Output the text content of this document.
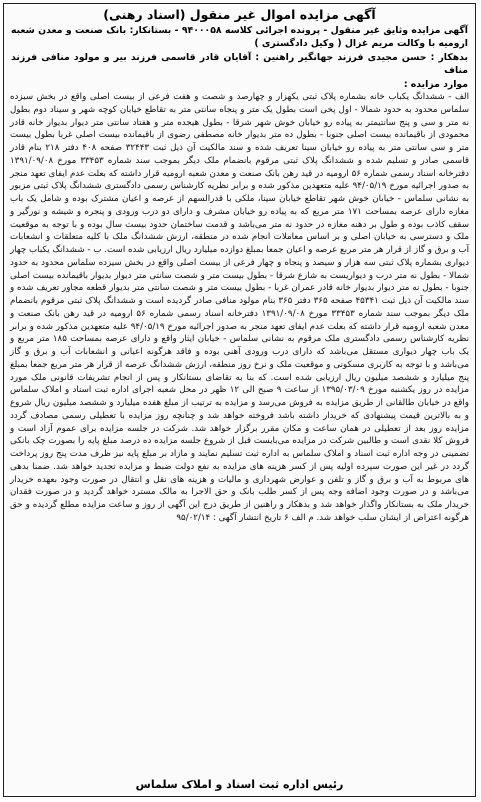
آگهی مزایده اموال غیر منقول (اسناد رهنی)
آگهی مزایده وثایق غیر منقول - پرونده اجرائی کلاسه ۹۴۰۰۰۵۸ - بستانکار: بانک صنعت و معدن شعبه ارومیه با وکالت مریم غزال ( وکیل دادگستری )
بدهکار : حسن مجیدی فرزند جهانگیر راهنین : آقایان قادر قاسمی فرزند بیر و مولود منافی فرزند مناف
موارد مزایده :
الف - ششدانگ یکباب خانه بشماره پلاک ثبتی یکهزار و چهارصد و شصت و هفت فرعی از بیست اصلی واقع در بخش سیزده سلماس محدود به حدود شمالا - اول پخی است بطول یک متر و پنجاه سانتی متر به تقاطع خیابان کوچه شهر و سیناد دوم بطول نه متر و سی و پنج سانتیمتر به پیاده رو خیابان خوش شهر شرقا - بطول هیجده متر و هفتاد سانتی متر دیوار بدیوار خانه قادر محمودی از باقیمانده بیست اصلی جنوبا - بطول ده متر بدیوار خانه مصطفی رضوی از باقیمانده بیست اصلی غربا بطول بیست متر و سی سانتی متر به پیاده رو خیابان سینا تعریف شده و سند مالکیت آن ذیل ثبت ۳۲۴۴۳ صفحه ۴۰۸ دفتر ۲۱۸ بنام قادر قاسمی صادر و تسلیم شده و ششدانگ پلاک ثبتی مرقوم بانضمام ملک دیگر بموجب سند شماره ۳۳۴۵۳ مورخ ۱۳۹۱/۰۹/۰۸ دفترخانه اسناد رسمی شماره ۵۶ ارومیه در قید رهن بانک صنعت و معدن شعبه ارومیه قرار داشته که بعلت عدم ایفای تعهد منجر به صدور اجرائیه مورخ ۹۴/۰۵/۱۹ علیه متعهدین مذکور شده و برابر نظریه کارشناس رسمی دادگستری ششدانگ پلاک ثبتی مزبور به نشانی سلماس - خیابان خوش شهر تقاطع خیابان سینا، ملکی با قدرالسهم از عرصه و اعیان مشترک بوده و شامل یک باب مغازه دارای عرصه بمساحت ۱۷۱ متر مربع که به پیاده رو خیابان مشرف و دارای دو درب ورودی و پنجره و شیشه و نورگیر و سقف کاذب بوده و طول بر دهنه مغازه در حدود نه متر می‌باشد و قدمت ساختمان حدود بیست سال بوده و با توجه به موقعیت ملک و دسترسی به خیابان اصلی و بر اساس معاملات انجام شده در منطقه، ارزش ششدانگ ملک با کلیه متعلقات و انشعابات آب و برق و گاز از قرار هر متر مربع عرصه و اعیان جمعا بمبلغ دوازده میلیارد ریال ارزیابی شده است. ب - ششدانگ یکباب چهار دیواری بشماره پلاک ثبتی سه هزار و سیصد و پنجاه و چهار فرعی از بیست اصلی واقع در بخش سیزده سلماس محدود به حدود شمالا - بطول نه متر درب و دیواریست به شارع شرقا - بطول بیست متر و شصت سانتی متر دیوار بدیوار باقیمانده بیست اصلی جنوبا - بطول نه متر دیوار بدیوار خانه قادر عمران غربا - بطول بیست متر و شصت سانتی متر بدیوار قطعه مجاور تعریف شده و سند مالکیت آن ذیل ثبت ۴۵۳۴۱ صفحه ۳۶۵ دفتر ۳۶۵ بنام مولود منافی صادر گردیده است و ششدانگ پلاک ثبتی مرقوم بانضمام ملک دیگر بموجب سند شماره ۳۳۴۵۳ مورخ ۱۳۹۱/۰۹/۰۸ دفترخانه اسناد رسمی شماره ۵۶ ارومیه در قید رهن بانک صنعت و معدن شعبه ارومیه قرار داشته که بعلت عدم ایفای تعهد منجر به صدور اجرائیه مورخ ۹۴/۰۵/۱۹ علیه متعهدین مذکور شده و برابر نظریه کارشناس رسمی دادگستری ملک مرقوم به نشانی سلماس - خیابان ایثار واقع و دارای عرصه بمساحت ۱۸۵ متر مربع و یک باب چهار دیواری مستقل می‌باشد که دارای درب ورودی آهنی بوده و فاقد هرگونه اعیانی و انشعابات آب و برق و گاز می‌باشد و با توجه به کاربری مسکونی و موقعیت ملک و نرخ روز منطقه، ارزش ششدانگ عرصه از قرار هر متر مربع جمعا بمبلغ پنج میلیارد و ششصد میلیون ریال ارزیابی شده است. که بنا به تقاضای بستانکار و پس از انجام تشریفات قانونی ملک مورد مزایده در روز یکشنبه مورخ ۱۳۹۵/۰۳/۰۹ از ساعت ۹ صبح الی ۱۲ ظهر در محل شعبه اجرای اداره ثبت اسناد و املاک سلماس واقع در خیابان طالقانی از طریق مزایده به فروش می‌رسد و مزایده به ترتیب از مبلغ هفده میلیارد و ششصد میلیون ریال شروع و به بالاترین قیمت پیشنهادی که خریدار داشته باشد فروخته خواهد شد و چنانچه روز مزایده با تعطیلی رسمی مصادف گردد مزایده روز بعد از تعطیلی در همان ساعت و مکان مقرر برگزار خواهد شد. شرکت در جلسه مزایده برای عموم آزاد است و فروش کلا نقدی است و طالبین شرکت در مزایده می‌بایست قبل از شروع جلسه مزایده ده درصد مبلغ پایه را بصورت چک بانکی تضمینی در وجه اداره ثبت اسناد و املاک سلماس به اداره ثبت تسلیم نمایند و مازاد بر مبلغ پایه نیز ظرف مدت پنج روز پرداخت گردد در غیر این صورت سپرده اولیه پس از کسر هزینه های مزایده به نفع دولت ضبط و مزایده تجدید خواهد شد. ضمنا بدهی های مربوط به آب و برق و گاز و تلفن و عوارض شهرداری و مالیات و هزینه های نقل و انتقال در صورت وجود بعهده خریدار می‌باشد و در صورت وجود اضافه وجه پس از کسر طلب بانک و حق الاجرا به مالک مسترد خواهد گردید و در صورت فقدان خریدار ملک به بستانکار واگذار خواهد شد و بدهکار و راهنین از طریق درج این آگهی از روز و ساعت مزایده مطلع گردیده و حق هرگونه اعتراض از ایشان سلب خواهد شد. م الف ۶ تاریخ انتشار آگهی : ۹۵/۰۲/۱۴
رئیس اداره ثبت اسناد و املاک سلماس
